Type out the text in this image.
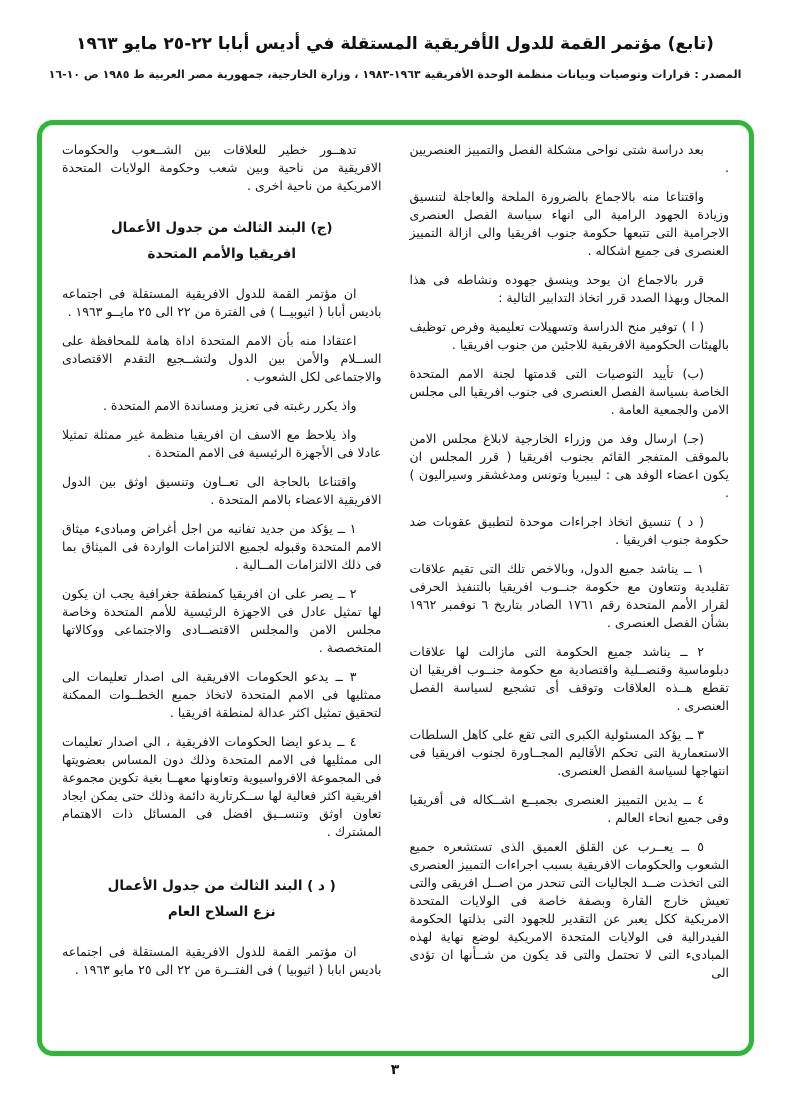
(تابع) مؤتمر القمة للدول الأفريقية المستقلة في أديس أبابا ٢٢-٢٥ مايو ١٩٦٣
المصدر : قرارات وتوصيات وبيانات منظمة الوحدة الأفريقية ١٩٦٣-١٩٨٣ ، وزارة الخارجية، جمهورية مصر العربية ط ١٩٨٥ ص ١٠-١٦

بعد دراسة شتى نواحى مشكلة الفصل والتمييز العنصريين .

واقتناعا منه بالاجماع بالضرورة الملحة والعاجلة لتنسيق وزيادة الجهود الرامية الى انهاء سياسة الفصل العنصرى الاجرامية التى تتبعها حكومة جنوب افريقيا والى ازالة التمييز العنصرى فى جميع اشكاله .

قرر بالاجماع ان يوحد وينسق جهوده ونشاطه فى هذا المجال وبهذا الصدد قرر اتخاذ التدابير التالية :

( ا ) توفير منح الدراسة وتسهيلات تعليمية وفرص توظيف بالهيئات الحكومية الافريقية للاجئين من جنوب افريقيا .

(ب) تأييد التوصيات التى قدمتها لجنة الامم المتحدة الخاصة بسياسة الفصل العنصرى فى جنوب افريقيا الى مجلس الامن والجمعية العامة .

(جـ) ارسال وفد من وزراء الخارجية لابلاغ مجلس الامن بالموقف المتفجر القائم بجنوب افريقيا ( قرر المجلس ان يكون اعضاء الوفد هى : ليبيريا وتونس ومدغشقر وسيراليون ) .

( د ) تنسيق اتخاذ اجراءات موحدة لتطبيق عقوبات ضد حكومة جنوب افريقيا .

١ ــ يناشد جميع الدول، وبالاخص تلك التى تقيم علاقات تقليدية وتتعاون مع حكومة جنــوب افريقيا بالتنفيذ الحرفى لقرار الأمم المتحدة رقم ١٧٦١ الصادر بتاريخ ٦ نوفمبر ١٩٦٢ بشأن الفصل العنصرى .

٢ ــ يناشد جميع الحكومة التى مازالت لها علاقات دبلوماسية وقنصــلية واقتصادية مع حكومة جنــوب افريقيا ان تقطع هــذه العلاقات وتوقف أى تشجيع لسياسة الفصل العنصرى .

٣ ــ يؤكد المسئولية الكبرى التى تقع على كاهل السلطات الاستعمارية التى تحكم الأقاليم المجــاورة لجنوب افريقيا فى انتهاجها لسياسة الفصل العنصرى.

٤ ــ يدين التمييز العنصرى بجميــع اشــكاله فى أفريقيا وفى جميع انحاء العالم .

٥ ــ يعــرب عن القلق العميق الذى تستشعره جميع الشعوب والحكومات الافريقية بسبب اجراءات التمييز العنصرى التى اتخذت ضــد الجاليات التى تنحدر من اصــل افريقى والتى تعيش خارج القارة وبصفة خاصة فى الولايات المتحدة الامريكية ككل يعبر عن التقدير للجهود التى بذلتها الحكومة الفيدرالية فى الولايات المتحدة الامريكية لوضع نهاية لهذه المبادىء التى لا تحتمل والتى قد يكون من شــأنها ان تؤدى الى

تدهــور خطير للعلاقات بين الشــعوب والحكومات الافريقية من ناحية وبين شعب وحكومة الولايات المتحدة الامريكية من ناحية اخرى .

(ج) البند الثالث من جدول الأعمال
افريقيا والأمم المتحدة

ان مؤتمر القمة للدول الافريقية المستقلة فى اجتماعه باديس أبابا ( اثيوبيــا ) فى الفترة من ٢٢ الى ٢٥ مايــو ١٩٦٣ .

اعتقادا منه بأن الامم المتحدة اداة هامة للمحافظة على الســلام والأمن بين الدول ولتشــجيع التقدم الاقتصادى والاجتماعى لكل الشعوب .

واذ يكرر رغبته فى تعزيز ومساندة الامم المتحدة .

واذ يلاحظ مع الاسف ان افريقيا منظمة غير ممثلة تمثيلا عادلا فى الأجهزة الرئيسية فى الامم المتحدة .

واقتناعا بالحاجة الى تعــاون وتنسيق اوثق بين الدول الافريقية الاعضاء بالامم المتحدة .

١ ــ يؤكد من جديد تفانيه من اجل أغراض ومبادىء ميثاق الامم المتحدة وقبوله لجميع الالتزامات الواردة فى الميثاق بما فى ذلك الالتزامات المــالية .

٢ ــ يصر على ان افريقيا كمنطقة جغرافية يجب ان يكون لها تمثيل عادل فى الاجهزة الرئيسية للأمم المتحدة وخاصة مجلس الامن والمجلس الاقتصــادى والاجتماعى ووكالاتها المتخصصة .

٣ ــ يدعو الحكومات الافريقية الى اصدار تعليمات الى ممثليها فى الامم المتحدة لاتخاذ جميع الخطــوات الممكنة لتحقيق تمثيل اكثر عدالة لمنطقة افريقيا .

٤ ــ يدعو ايضا الحكومات الافريقية ، الى اصدار تعليمات الى ممثليها فى الامم المتحدة وذلك دون المساس بعضويتها فى المجموعة الافرواسيوية وتعاونها معهــا بغية تكوين مجموعة افريقية اكثر فعالية لها ســكرتارية دائمة وذلك حتى يمكن ايجاد تعاون اوثق وتنســيق افضل فى المسائل ذات الاهتمام المشترك .

( د ) البند الثالث من جدول الأعمال
نزع السلاح العام

ان مؤتمر القمة للدول الافريقية المستقلة فى اجتماعه باديس ابابا ( اثيوبيا ) فى الفتــرة من ٢٢ الى ٢٥ مايو ١٩٦٣ .

٣
